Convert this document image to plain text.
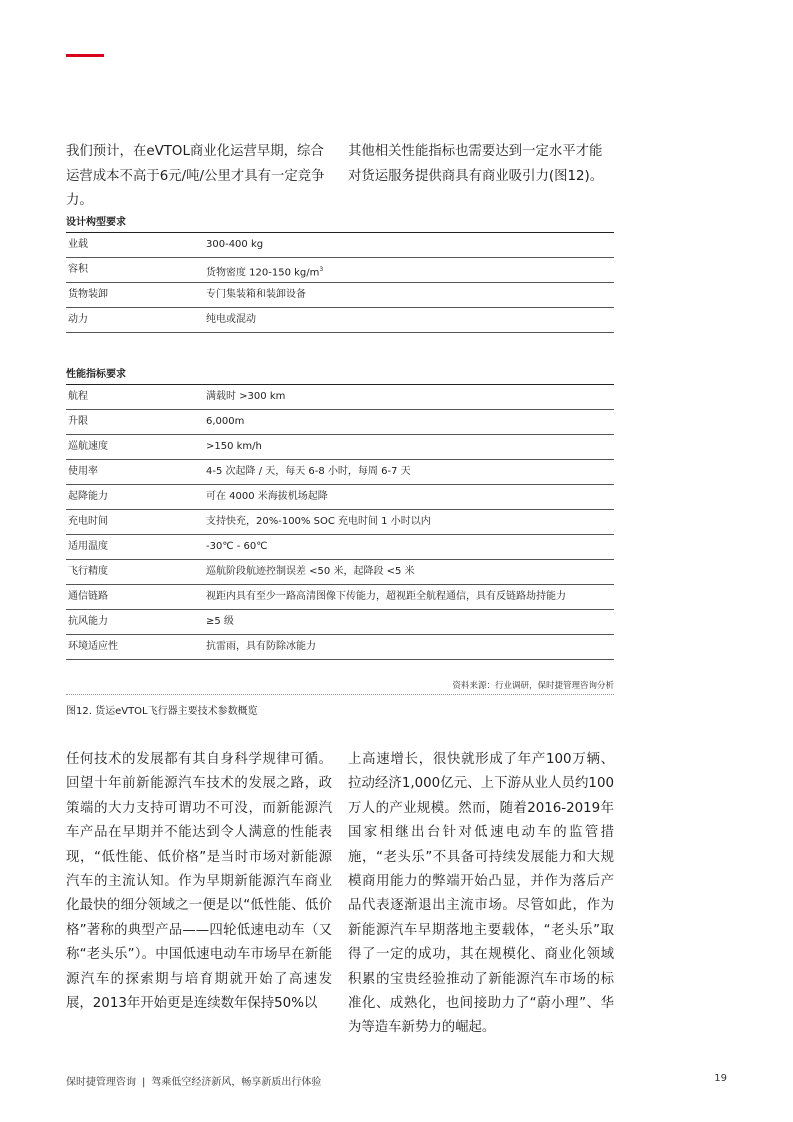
我们预计，在eVTOL商业化运营早期，综合运营成本不高于6元/吨/公里才具有一定竞争力。
其他相关性能指标也需要达到一定水平才能对货运服务提供商具有商业吸引力(图12)。
设计构型要求
业载	300-400 kg
容积	货物密度 120-150 $kg/m^3$
货物装卸	专门集装箱和装卸设备
动力	纯电或混动
性能指标要求
航程	满载时 >300 km
升限	6,000m
巡航速度	>150 km/h
使用率	4-5 次起降 / 天，每天 6-8 小时，每周 6-7 天
起降能力	可在 4000 米海拔机场起降
充电时间	支持快充，20%-100% SOC 充电时间 1 小时以内
适用温度	-30℃ - 60℃
飞行精度	巡航阶段航迹控制误差 <50 米，起降段 <5 米
通信链路	视距内具有至少一路高清图像下传能力，超视距全航程通信，具有反链路劫持能力
抗风能力	≥5 级
环境适应性	抗雷雨，具有防除冰能力
资料来源：行业调研，保时捷管理咨询分析
图12. 货运eVTOL飞行器主要技术参数概览
任何技术的发展都有其自身科学规律可循。回望十年前新能源汽车技术的发展之路，政策端的大力支持可谓功不可没，而新能源汽车产品在早期并不能达到令人满意的性能表现，“低性能、低价格”是当时市场对新能源汽车的主流认知。作为早期新能源汽车商业化最快的细分领域之一便是以“低性能、低价格”著称的典型产品——四轮低速电动车（又称“老头乐”）。中国低速电动车市场早在新能源汽车的探索期与培育期就开始了高速发展，2013年开始更是连续数年保持50%以
上高速增长，很快就形成了年产100万辆、拉动经济1,000亿元、上下游从业人员约100万人的产业规模。然而，随着2016-2019年国家相继出台针对低速电动车的监管措施，“老头乐”不具备可持续发展能力和大规模商用能力的弊端开始凸显，并作为落后产品代表逐渐退出主流市场。尽管如此，作为新能源汽车早期落地主要载体，“老头乐”取得了一定的成功，其在规模化、商业化领域积累的宝贵经验推动了新能源汽车市场的标准化、成熟化，也间接助力了“蔚小理”、华为等造车新势力的崛起。
保时捷管理咨询 | 驾乘低空经济新风，畅享新质出行体验	19
